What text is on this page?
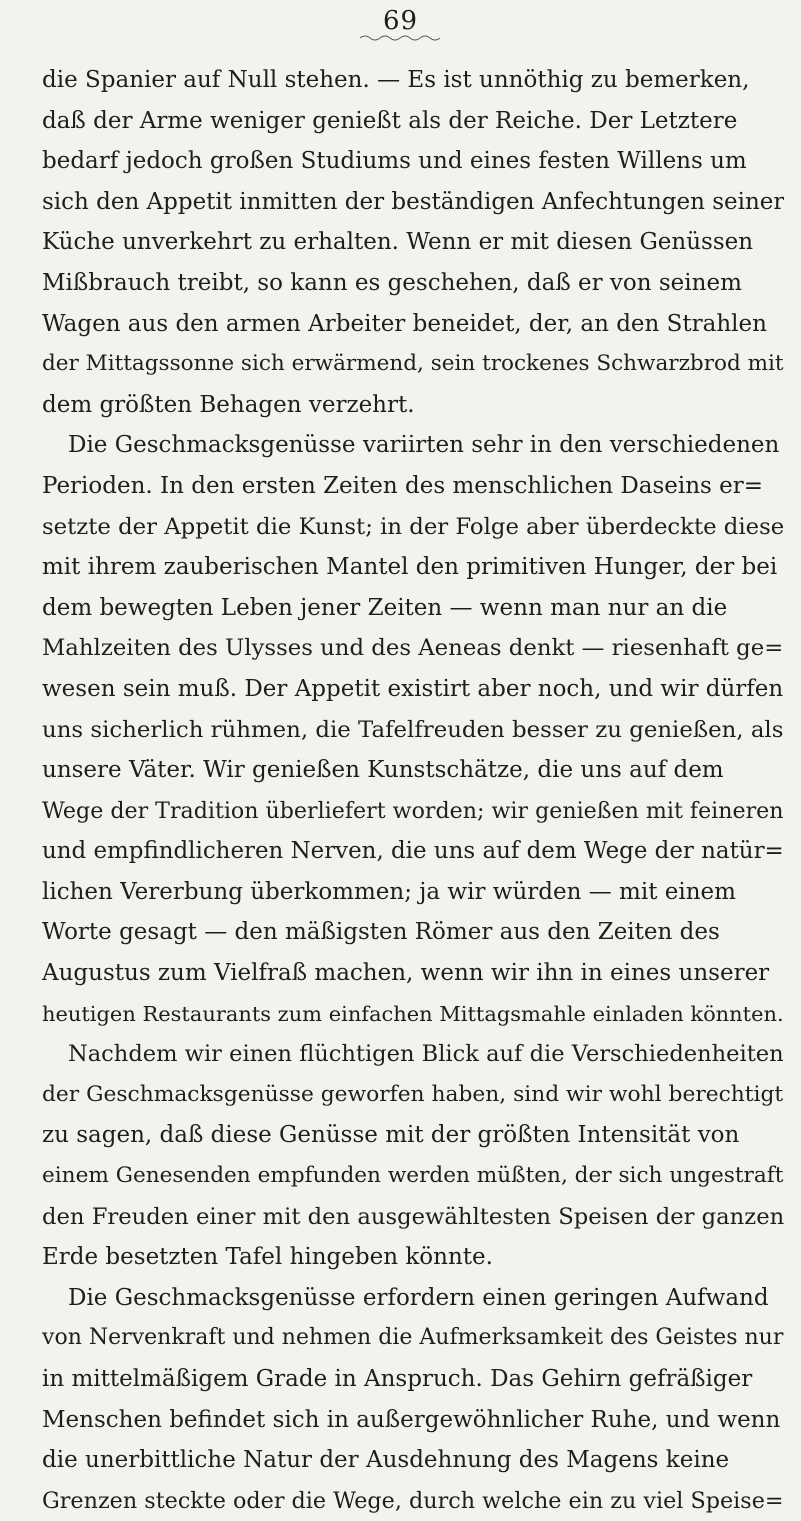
69
die Spanier auf Null stehen. — Es ist unnöthig zu bemerken,
daß der Arme weniger genießt als der Reiche. Der Letztere
bedarf jedoch großen Studiums und eines festen Willens um
sich den Appetit inmitten der beständigen Anfechtungen seiner
Küche unverkehrt zu erhalten. Wenn er mit diesen Genüssen
Mißbrauch treibt, so kann es geschehen, daß er von seinem
Wagen aus den armen Arbeiter beneidet, der, an den Strahlen
der Mittagssonne sich erwärmend, sein trockenes Schwarzbrod mit
dem größten Behagen verzehrt.
Die Geschmacksgenüsse variirten sehr in den verschiedenen
Perioden. In den ersten Zeiten des menschlichen Daseins er=
setzte der Appetit die Kunst; in der Folge aber überdeckte diese
mit ihrem zauberischen Mantel den primitiven Hunger, der bei
dem bewegten Leben jener Zeiten — wenn man nur an die
Mahlzeiten des Ulysses und des Aeneas denkt — riesenhaft ge=
wesen sein muß. Der Appetit existirt aber noch, und wir dürfen
uns sicherlich rühmen, die Tafelfreuden besser zu genießen, als
unsere Väter. Wir genießen Kunstschätze, die uns auf dem
Wege der Tradition überliefert worden; wir genießen mit feineren
und empfindlicheren Nerven, die uns auf dem Wege der natür=
lichen Vererbung überkommen; ja wir würden — mit einem
Worte gesagt — den mäßigsten Römer aus den Zeiten des
Augustus zum Vielfraß machen, wenn wir ihn in eines unserer
heutigen Restaurants zum einfachen Mittagsmahle einladen könnten.
Nachdem wir einen flüchtigen Blick auf die Verschiedenheiten
der Geschmacksgenüsse geworfen haben, sind wir wohl berechtigt
zu sagen, daß diese Genüsse mit der größten Intensität von
einem Genesenden empfunden werden müßten, der sich ungestraft
den Freuden einer mit den ausgewähltesten Speisen der ganzen
Erde besetzten Tafel hingeben könnte.
Die Geschmacksgenüsse erfordern einen geringen Aufwand
von Nervenkraft und nehmen die Aufmerksamkeit des Geistes nur
in mittelmäßigem Grade in Anspruch. Das Gehirn gefräßiger
Menschen befindet sich in außergewöhnlicher Ruhe, und wenn
die unerbittliche Natur der Ausdehnung des Magens keine
Grenzen steckte oder die Wege, durch welche ein zu viel Speise=
